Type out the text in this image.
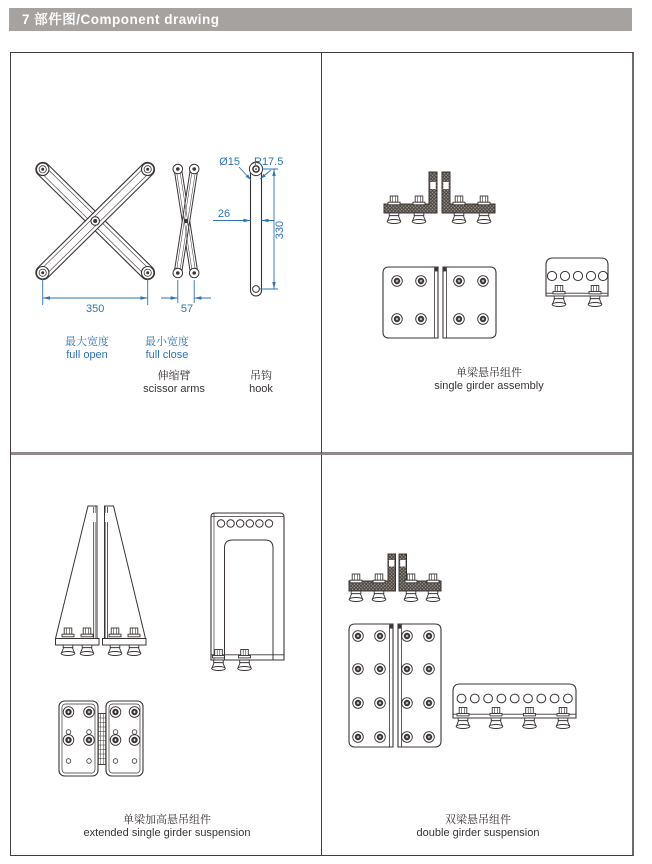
7 部件图/Component drawing
350	57
Ø15 R17.5
26
330
最大宽度
full open
最小宽度
full close
伸缩臂
scissor arms
吊钩
hook
单梁悬吊组件
single girder assembly
单梁加高悬吊组件
extended single girder suspension
双梁悬吊组件
double girder suspension
